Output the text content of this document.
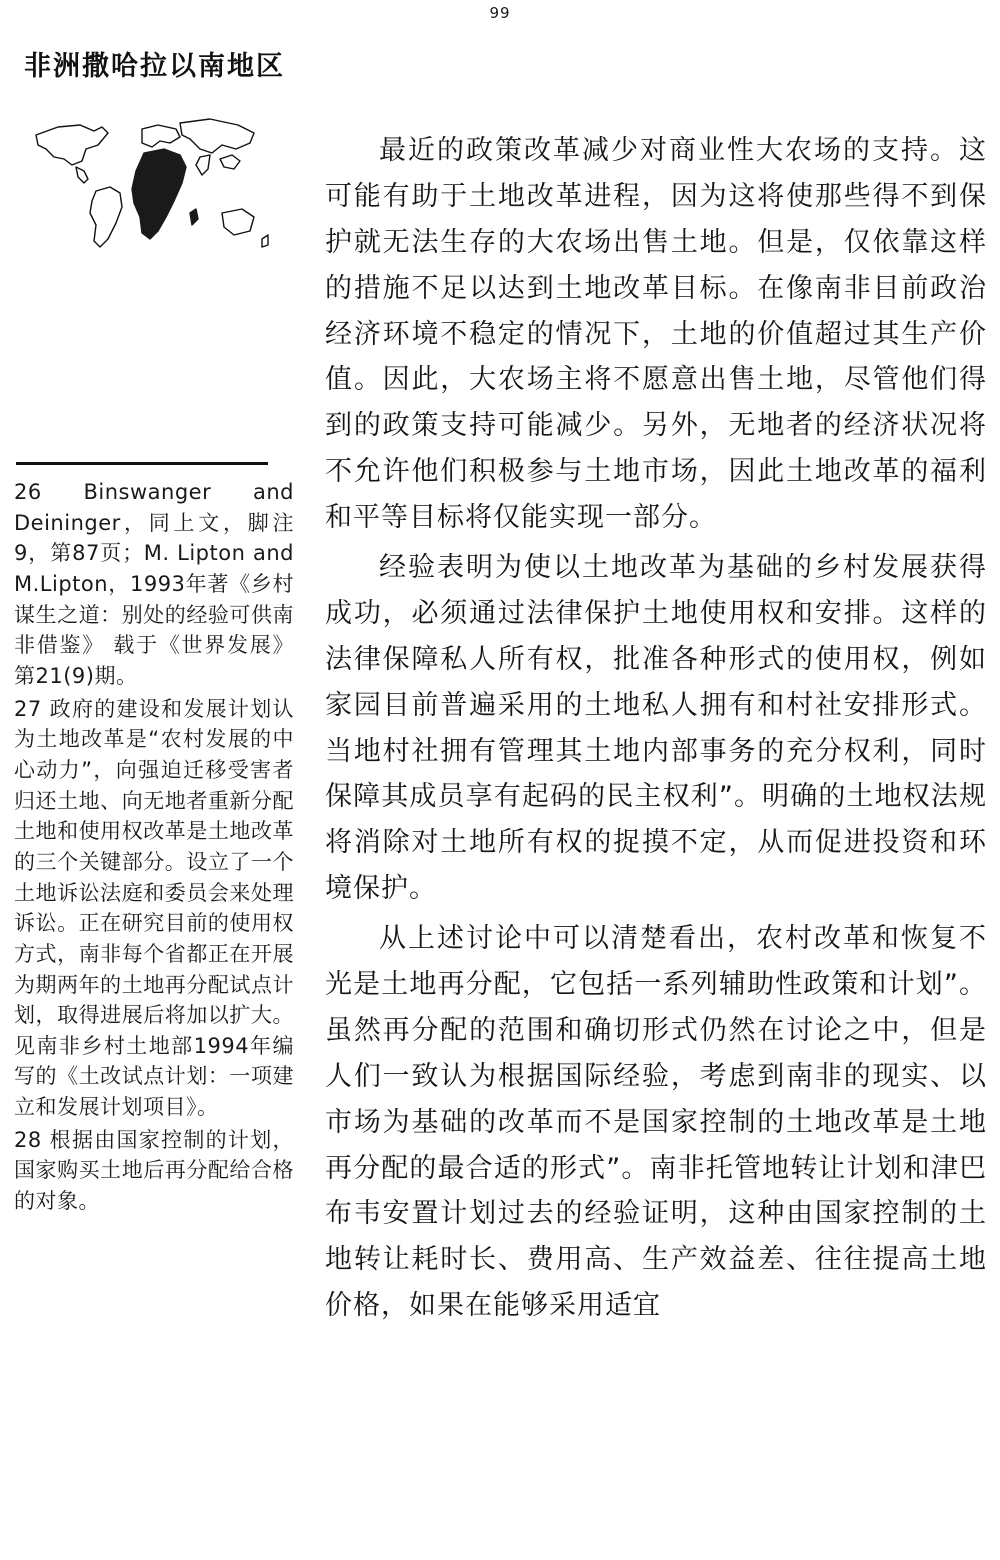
99
非洲撒哈拉以南地区

26 Binswanger and Deininger，同上文，脚注9，第87页；M. Lipton and M.Lipton，1993年著《乡村谋生之道：别处的经验可供南非借鉴》 载于《世界发展》第21(9)期。

27 政府的建设和发展计划认为土地改革是“农村发展的中心动力”，向强迫迁移受害者归还土地、向无地者重新分配土地和使用权改革是土地改革的三个关键部分。设立了一个土地诉讼法庭和委员会来处理诉讼。正在研究目前的使用权方式，南非每个省都正在开展为期两年的土地再分配试点计划，取得进展后将加以扩大。见南非乡村土地部1994年编写的《土改试点计划：一项建立和发展计划项目》。

28 根据由国家控制的计划，国家购买土地后再分配给合格的对象。

最近的政策改革减少对商业性大农场的支持。这可能有助于土地改革进程，因为这将使那些得不到保护就无法生存的大农场出售土地。但是，仅依靠这样的措施不足以达到土地改革目标。在像南非目前政治经济环境不稳定的情况下，土地的价值超过其生产价值。因此，大农场主将不愿意出售土地，尽管他们得到的政策支持可能减少。另外，无地者的经济状况将不允许他们积极参与土地市场，因此土地改革的福利和平等目标将仅能实现一部分。

经验表明为使以土地改革为基础的乡村发展获得成功，必须通过法律保护土地使用权和安排。这样的法律保障私人所有权，批准各种形式的使用权，例如家园目前普遍采用的土地私人拥有和村社安排形式。当地村社拥有管理其土地内部事务的充分权利，同时保障其成员享有起码的民主权利”。明确的土地权法规将消除对土地所有权的捉摸不定，从而促进投资和环境保护。

从上述讨论中可以清楚看出，农村改革和恢复不光是土地再分配，它包括一系列辅助性政策和计划”。虽然再分配的范围和确切形式仍然在讨论之中，但是人们一致认为根据国际经验，考虑到南非的现实、以市场为基础的改革而不是国家控制的土地改革是土地再分配的最合适的形式”。南非托管地转让计划和津巴布韦安置计划过去的经验证明，这种由国家控制的土地转让耗时长、费用高、生产效益差、往往提高土地价格，如果在能够采用适宜
